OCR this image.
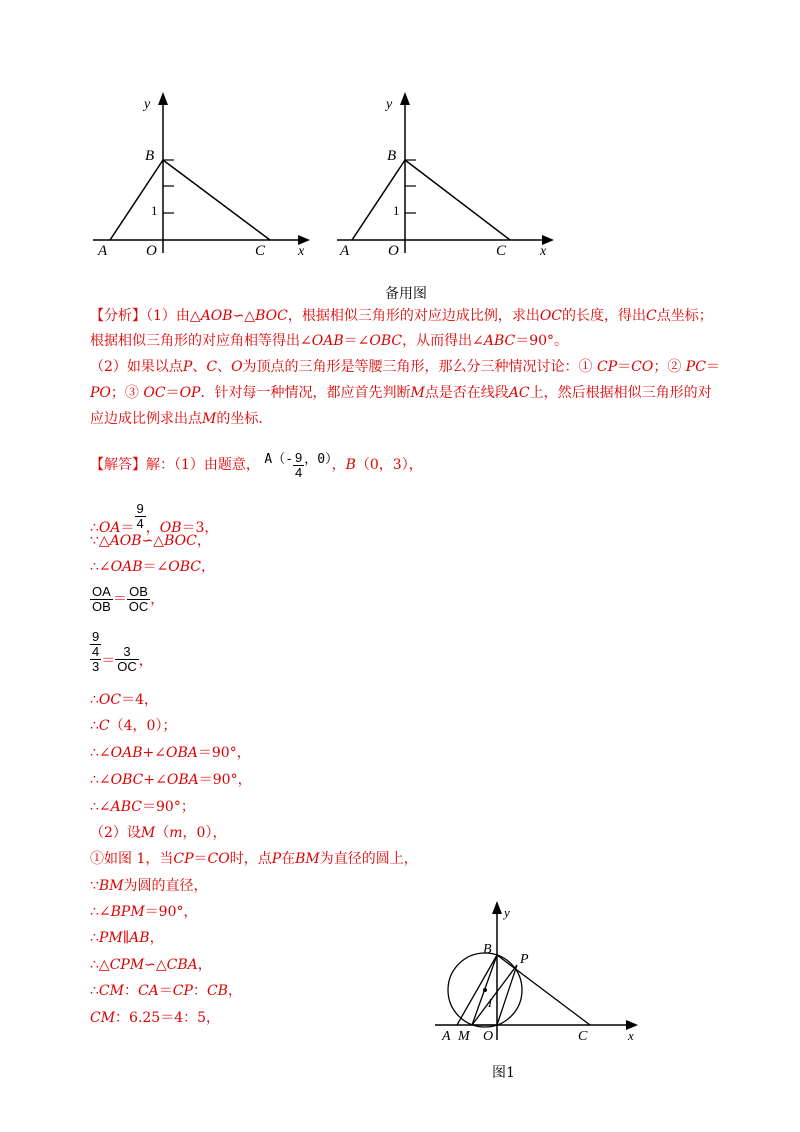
y
B
1
A	O	C x
y
B
1
A	O	C x
备用图
【分析】（1）由△AOB∽△BOC，根据相似三角形的对应边成比例，求出OC的长度，得出C点坐标；
根据相似三角形的对应角相等得出∠OAB＝∠OBC，从而得出∠ABC＝90°。
（2）如果以点P、C、O为顶点的三角形是等腰三角形，那么分三种情况讨论：① CP＝CO；② PC＝
PO；③ OC＝OP．针对每一种情况，都应首先判断M点是否在线段AC上，然后根据相似三角形的对
应边成比例求出点M的坐标.
【解答】解：（1）由题意， $A(- \frac{9}{4}$ ，0），B（0，3），
∴OA＝ $\frac{9}{4}$ ，OB＝3，
∵△AOB∽△BOC，
∴∠OAB＝∠OBC，
$\frac{OA}{OB} = \frac{OB}{OC}$ ，
9
4
$3 = \frac{3}{OC}$ ，
∴OC＝4，
∴C（4，0）；
∴∠OAB+∠OBA＝90°，
∴∠OBC+∠OBA＝90°，
∴∠ABC＝90°；
（2）设M（m，0），
①如图 1，当CP＝CO时，点P在BM为直径的圆上，
∵BM为圆的直径，
∴∠BPM＝90°，
∴PM∥AB，
∴△CPM∽△CBA，
∴CM：CA＝CP：CB，
CM：6.25＝4：5，
y
B
P
I
A M O	C	x
图1
